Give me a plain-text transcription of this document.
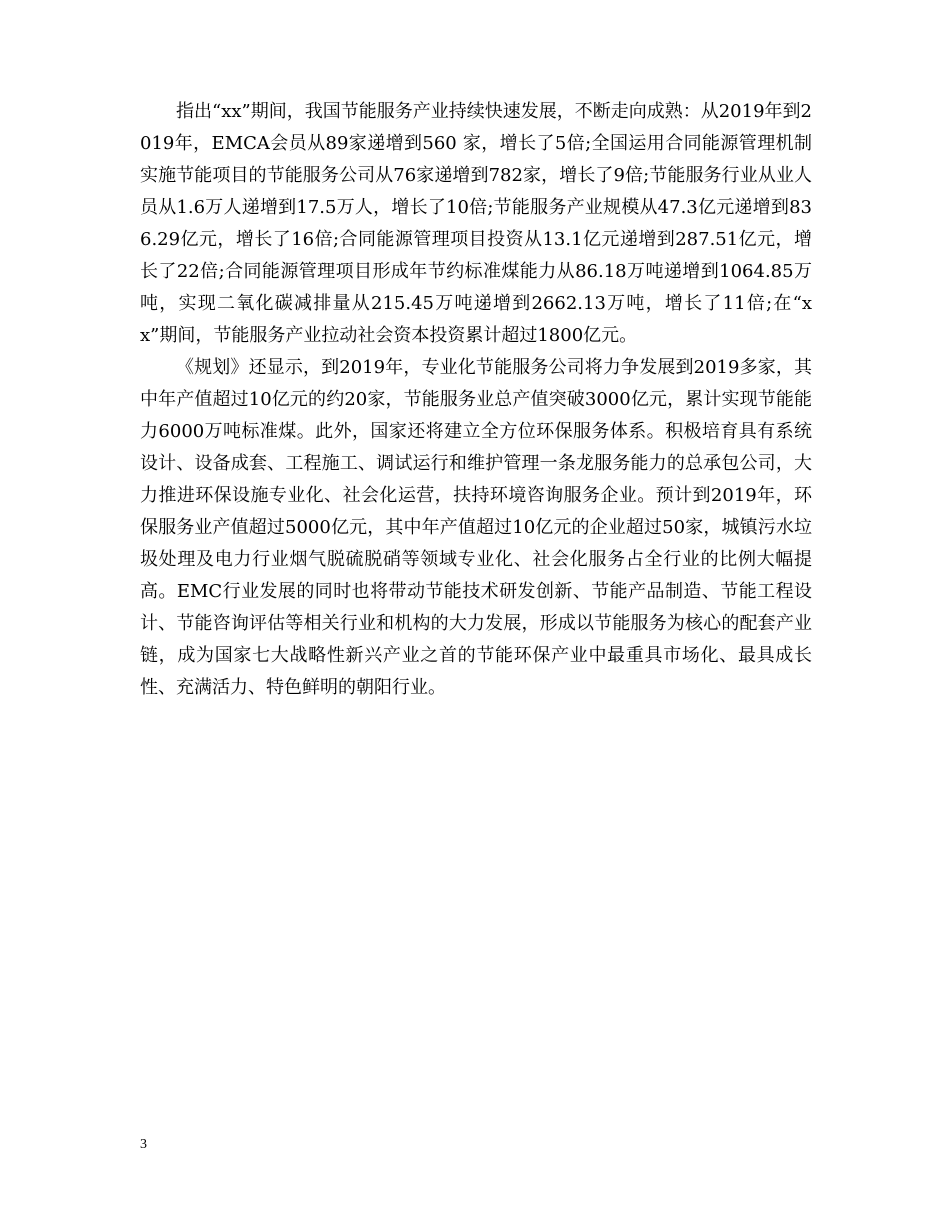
指出“xx”期间，我国节能服务产业持续快速发展，不断走向成熟：从2019年到2019年，EMCA会员从89家递增到560 家，增长了5倍;全国运用合同能源管理机制实施节能项目的节能服务公司从76家递增到782家，增长了9倍;节能服务行业从业人员从1.6万人递增到17.5万人，增长了10倍;节能服务产业规模从47.3亿元递增到836.29亿元，增长了16倍;合同能源管理项目投资从13.1亿元递增到287.51亿元，增长了22倍;合同能源管理项目形成年节约标准煤能力从86.18万吨递增到1064.85万吨，实现二氧化碳减排量从215.45万吨递增到2662.13万吨，增长了11倍;在“xx”期间，节能服务产业拉动社会资本投资累计超过1800亿元。

《规划》还显示，到2019年，专业化节能服务公司将力争发展到2019多家，其中年产值超过10亿元的约20家，节能服务业总产值突破3000亿元，累计实现节能能力6000万吨标准煤。此外，国家还将建立全方位环保服务体系。积极培育具有系统设计、设备成套、工程施工、调试运行和维护管理一条龙服务能力的总承包公司，大力推进环保设施专业化、社会化运营，扶持环境咨询服务企业。预计到2019年，环保服务业产值超过5000亿元，其中年产值超过10亿元的企业超过50家，城镇污水垃圾处理及电力行业烟气脱硫脱硝等领域专业化、社会化服务占全行业的比例大幅提高。EMC行业发展的同时也将带动节能技术研发创新、节能产品制造、节能工程设计、节能咨询评估等相关行业和机构的大力发展，形成以节能服务为核心的配套产业链，成为国家七大战略性新兴产业之首的节能环保产业中最重具市场化、最具成长性、充满活力、特色鲜明的朝阳行业。

3
